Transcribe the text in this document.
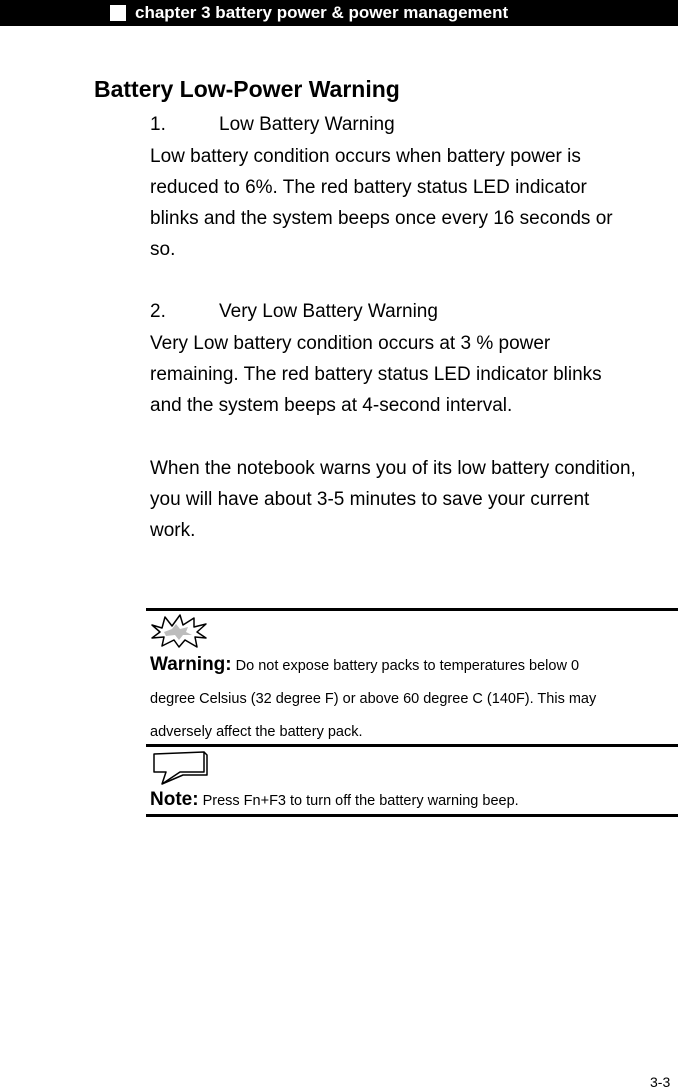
chapter 3 battery power & power management
Battery Low-Power Warning
1.	Low Battery Warning
Low battery condition occurs when battery power is
reduced to 6%. The red battery status LED indicator
blinks and the system beeps once every 16 seconds or
so.
2.	Very Low Battery Warning
Very Low battery condition occurs at 3 % power
remaining. The red battery status LED indicator blinks
and the system beeps at 4-second interval.
When the notebook warns you of its low battery condition,
you will have about 3-5 minutes to save your current
work.
Warning: Do not expose battery packs to temperatures below 0
degree Celsius (32 degree F) or above 60 degree C (140F). This may
adversely affect the battery pack.
Note: Press Fn+F3 to turn off the battery warning beep.
3-3
